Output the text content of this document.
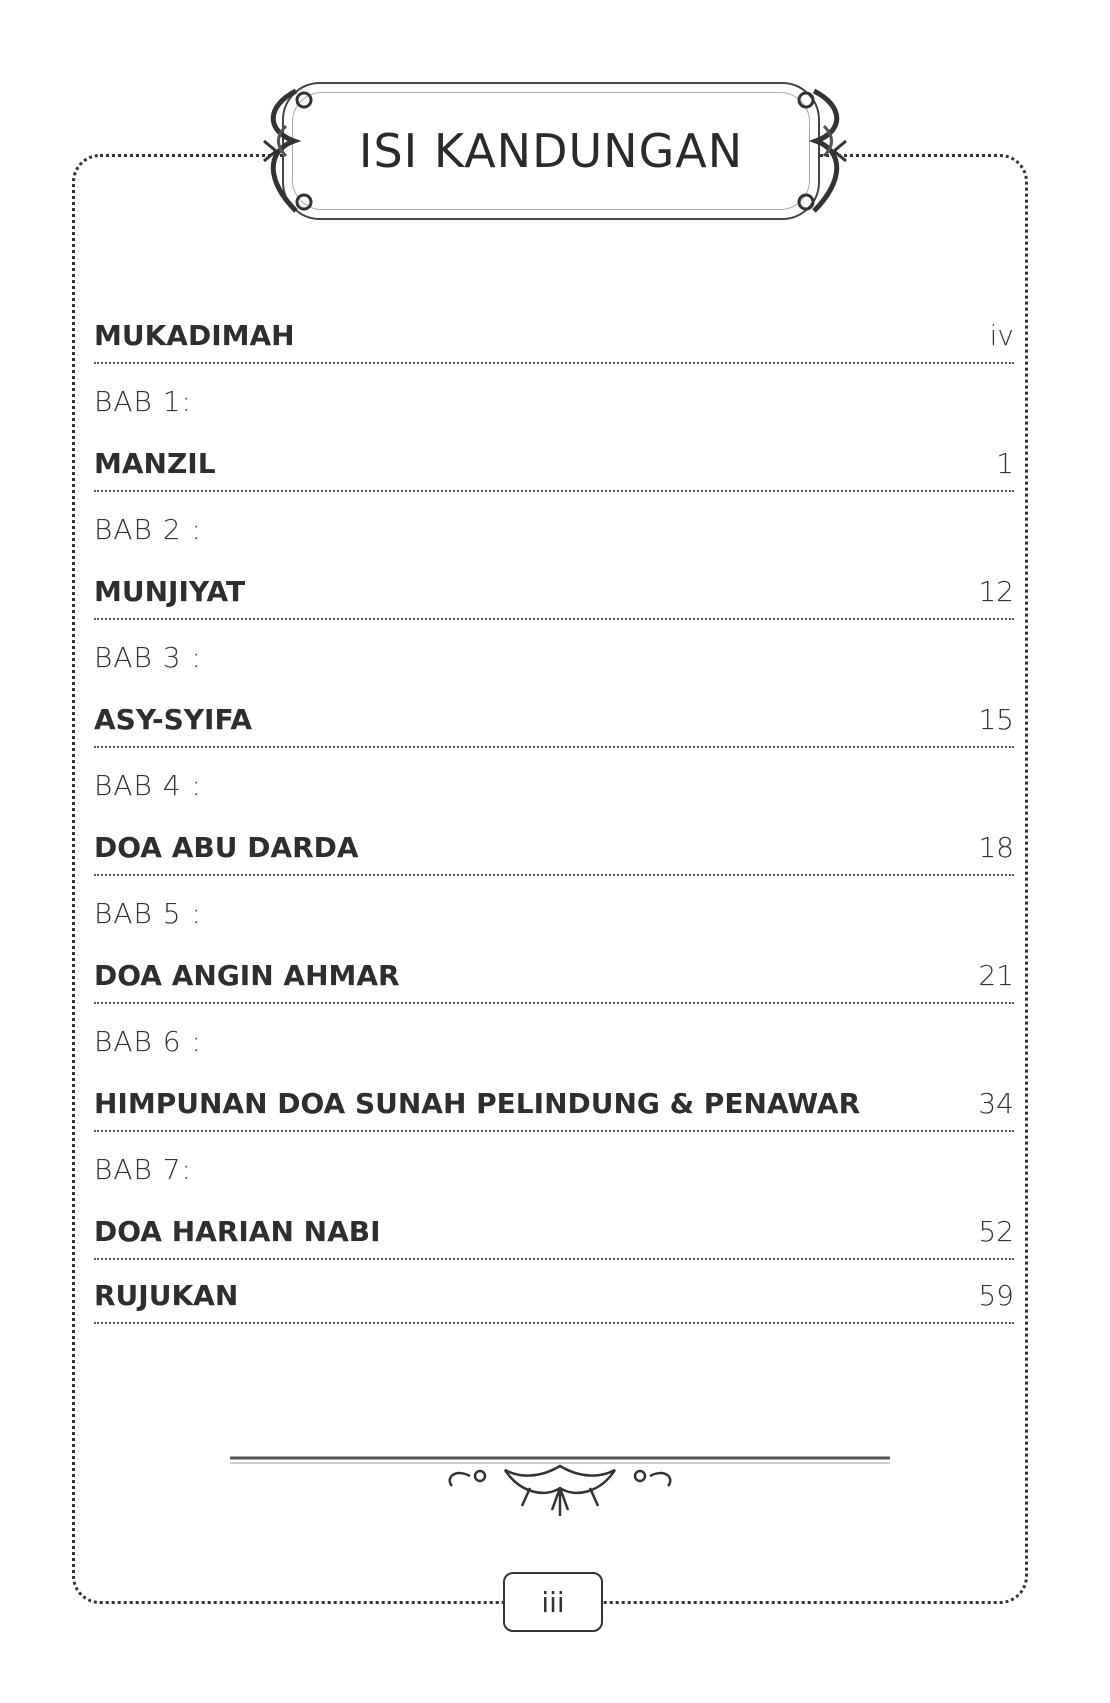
ISI KANDUNGAN
MUKADIMAH	iv
BAB 1:
MANZIL	1
BAB 2 :
MUNJIYAT	12
BAB 3 :
ASY-SYIFA	15
BAB 4 :
DOA ABU DARDA	18
BAB 5 :
DOA ANGIN AHMAR	21
BAB 6 :
HIMPUNAN DOA SUNAH PELINDUNG & PENAWAR	34
BAB 7:
DOA HARIAN NABI	52
RUJUKAN	59
iii
